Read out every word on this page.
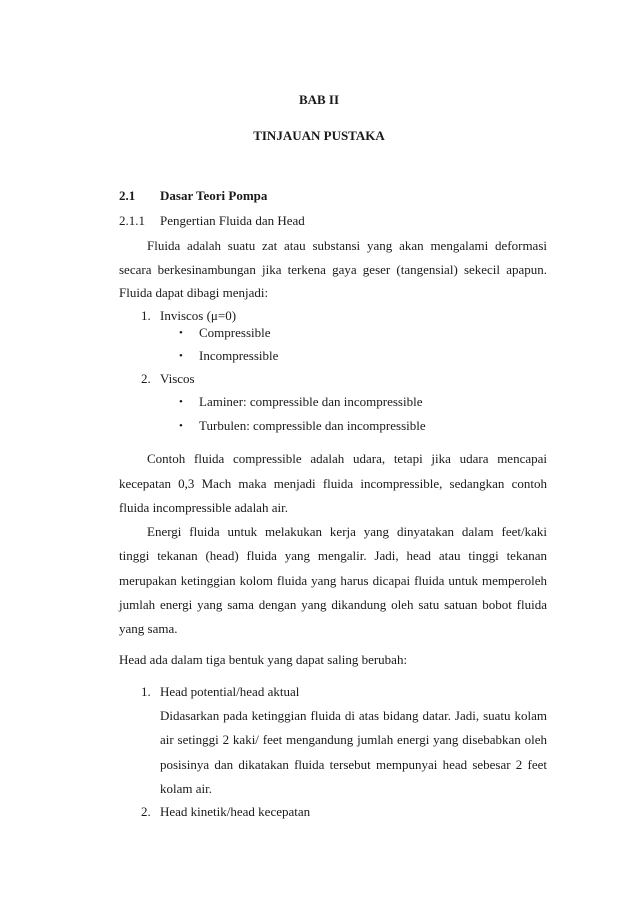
BAB II
TINJAUAN PUSTAKA
2.1 Dasar Teori Pompa
2.1.1 Pengertian Fluida dan Head
Fluida adalah suatu zat atau substansi yang akan mengalami deformasi
secara berkesinambungan jika terkena gaya geser (tangensial) sekecil apapun.
Fluida dapat dibagi menjadi:
1. Inviscos (μ=0)
• Compressible
• Incompressible
2. Viscos
• Laminer: compressible dan incompressible
• Turbulen: compressible dan incompressible
Contoh fluida compressible adalah udara, tetapi jika udara mencapai
kecepatan 0,3 Mach maka menjadi fluida incompressible, sedangkan contoh
fluida incompressible adalah air.
Energi fluida untuk melakukan kerja yang dinyatakan dalam feet/kaki
tinggi tekanan (head) fluida yang mengalir. Jadi, head atau tinggi tekanan
merupakan ketinggian kolom fluida yang harus dicapai fluida untuk memperoleh
jumlah energi yang sama dengan yang dikandung oleh satu satuan bobot fluida
yang sama.
Head ada dalam tiga bentuk yang dapat saling berubah:
1. Head potential/head aktual
Didasarkan pada ketinggian fluida di atas bidang datar. Jadi, suatu kolam
air setinggi 2 kaki/ feet mengandung jumlah energi yang disebabkan oleh
posisinya dan dikatakan fluida tersebut mempunyai head sebesar 2 feet
kolam air.
2. Head kinetik/head kecepatan
